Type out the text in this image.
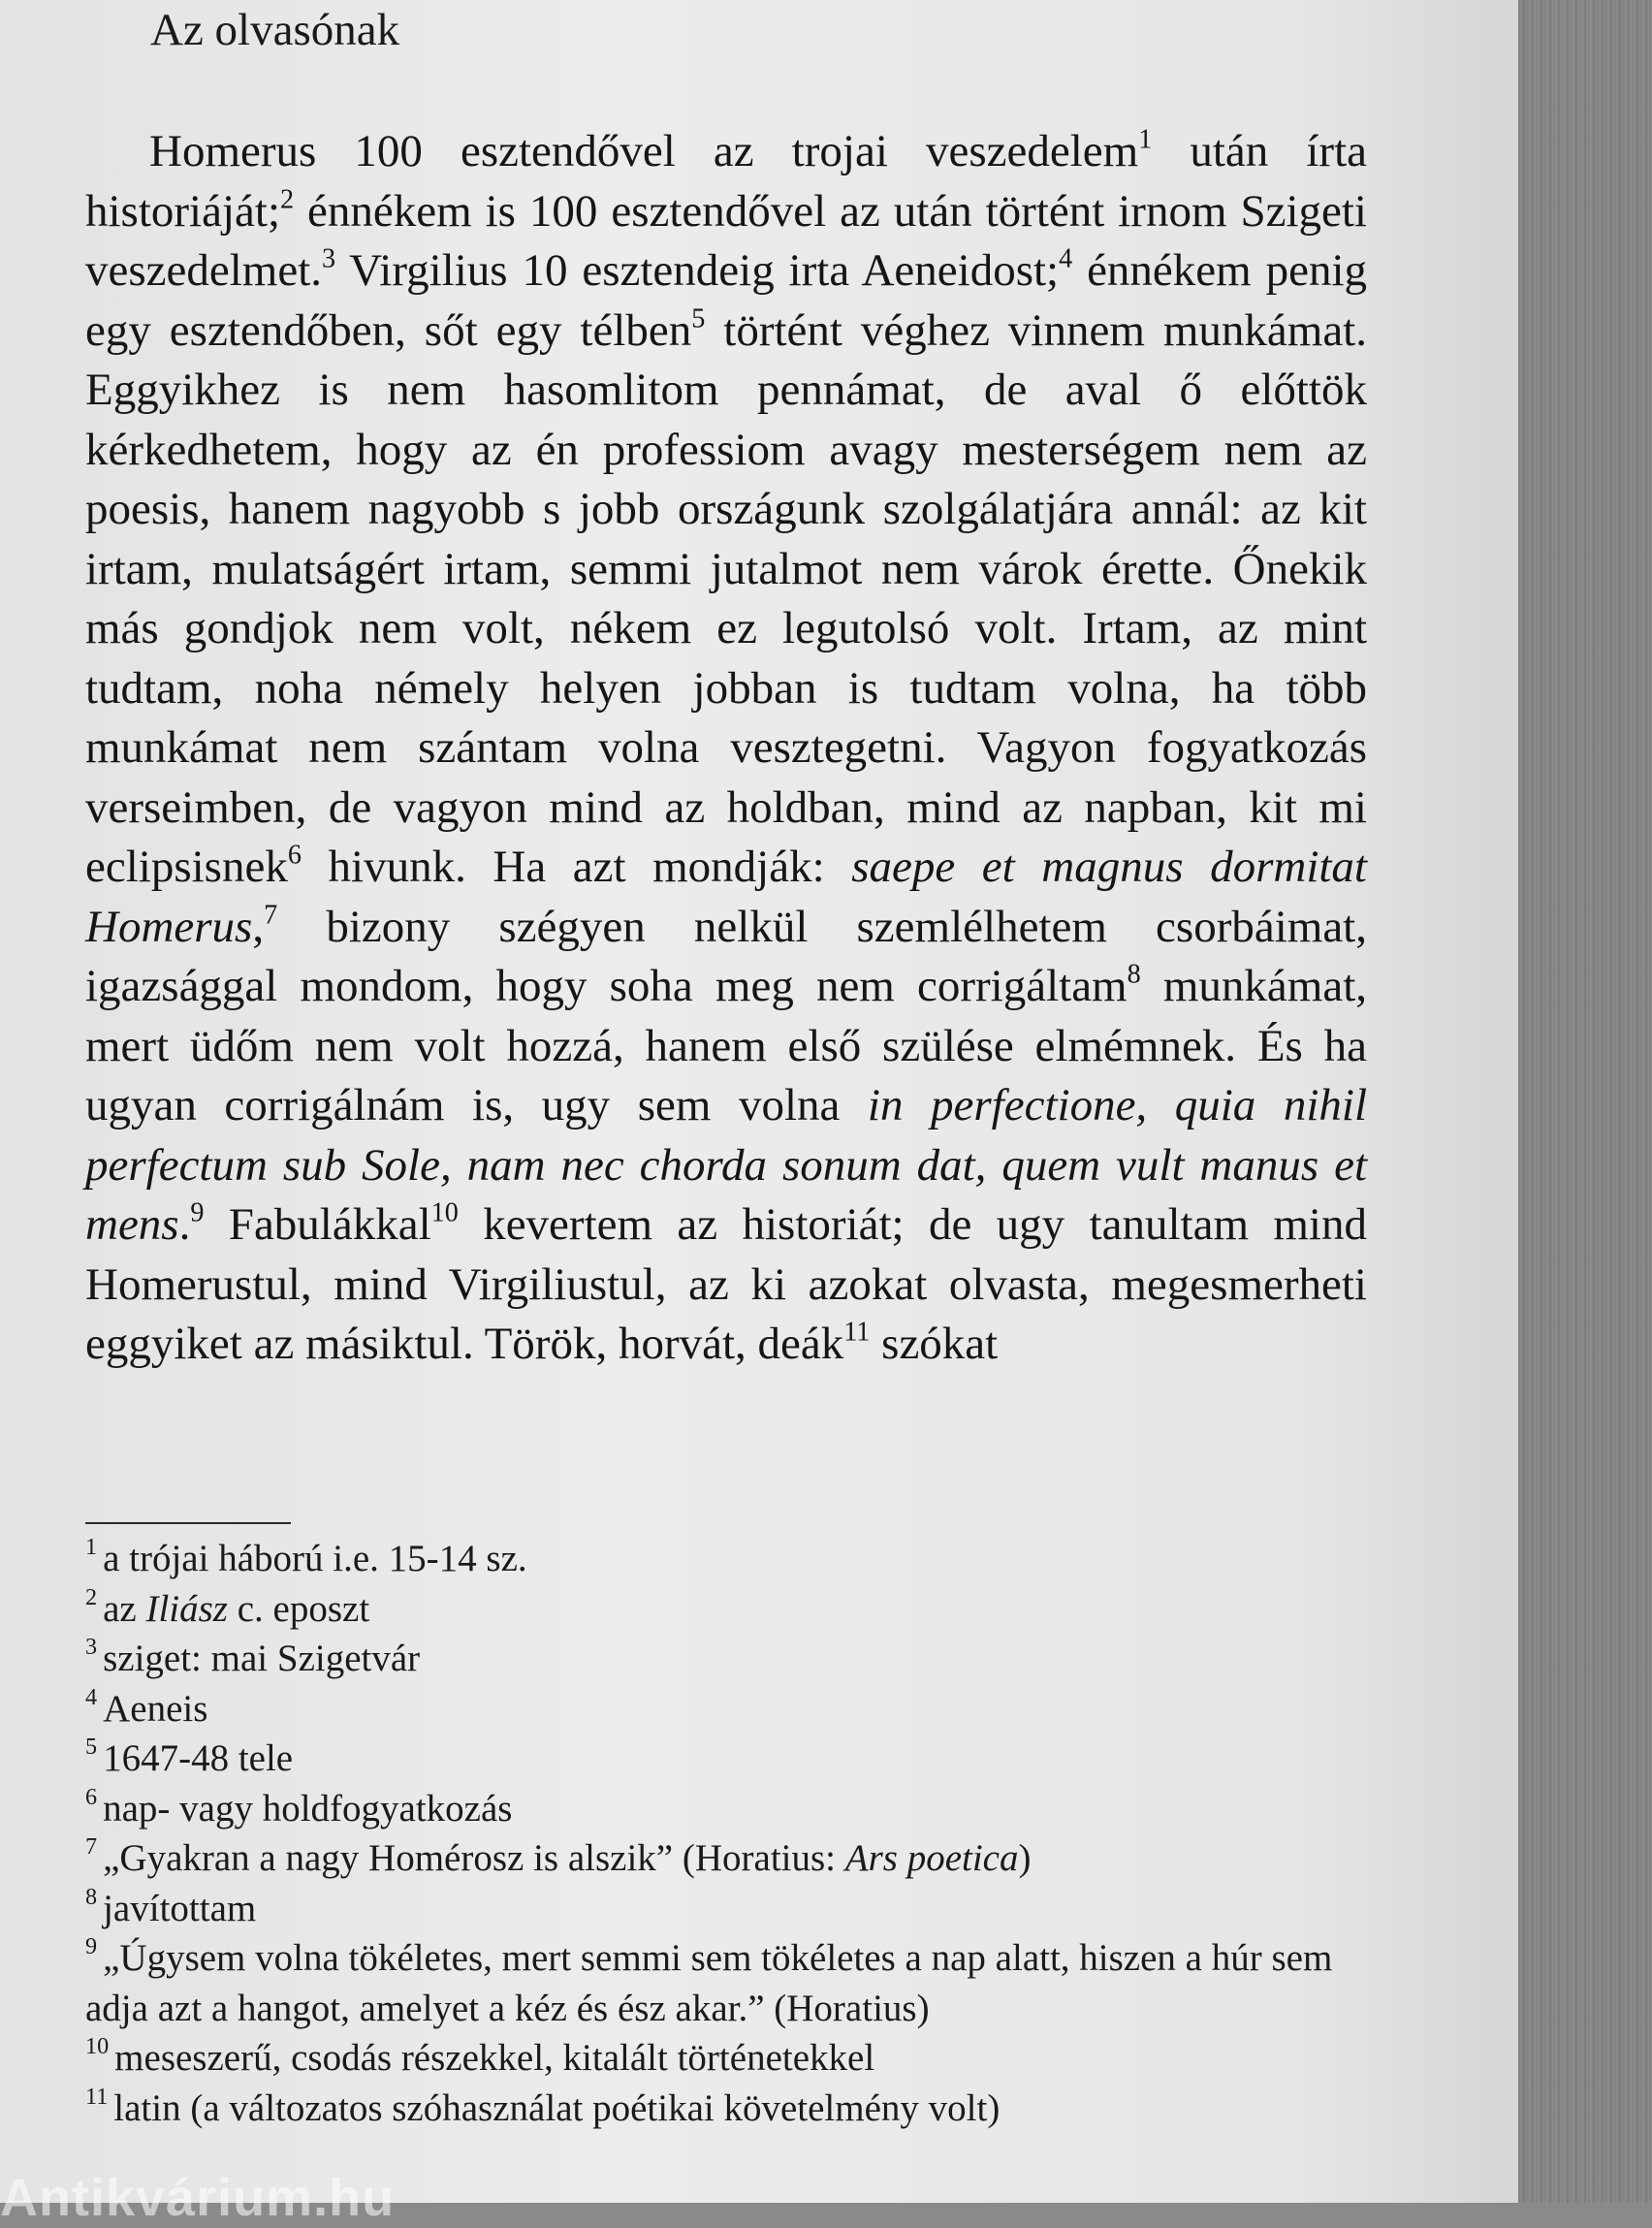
Az olvasónak

Homerus 100 esztendővel az trojai veszedelem$^1$ után írta historiáját;$^2$ énnékem is 100 esztendővel az után történt irnom Szigeti veszedelmet.$^3$ Virgilius 10 esztendeig irta Aeneidost;$^4$ énnékem penig egy esztendőben, sőt egy télben$^5$ történt véghez vinnem munkámat. Eggyikhez is nem hasomlitom pennámat, de aval ő előttök kérkedhetem, hogy az én professiom avagy mesterségem nem az poesis, hanem nagyobb s jobb országunk szolgálatjára annál: az kit irtam, mulatságért irtam, semmi jutalmot nem várok érette. Őnekik más gondjok nem volt, nékem ez legutolsó volt. Irtam, az mint tudtam, noha némely helyen jobban is tudtam volna, ha több munkámat nem szántam volna vesztegetni. Vagyon fogyatkozás verseimben, de vagyon mind az holdban, mind az napban, kit mi eclipsisnek$^6$ hivunk. Ha azt mondják: saepe et magnus dormitat Homerus,$^7$ bizony szégyen nelkül szemlélhetem csorbáimat, igazsággal mondom, hogy soha meg nem corrigáltam$^8$ munkámat, mert üdőm nem volt hozzá, hanem első szülése elmémnek. És ha ugyan corrigálnám is, ugy sem volna in perfectione, quia nihil perfectum sub Sole, nam nec chorda sonum dat, quem vult manus et mens.$^9$ Fabulákkal$^{10}$ kevertem az historiát; de ugy tanultam mind Homerustul, mind Virgiliustul, az ki azokat olvasta, megesmerheti eggyiket az másiktul. Török, horvát, deák$^{11}$ szókat

$^1$ a trójai háború i.e. 15-14 sz.

$^2$ az Iliász c. eposzt

$^3$ sziget: mai Szigetvár

$^4$ Aeneis

$^5$ 1647-48 tele

$^6$ nap- vagy holdfogyatkozás

$^7$ „Gyakran a nagy Homérosz is alszik” (Horatius: Ars poetica)

$^8$ javítottam

$^9$ „Úgysem volna tökéletes, mert semmi sem tökéletes a nap alatt, hiszen a húr sem adja azt a hangot, amelyet a kéz és ész akar.” (Horatius)

$^{10}$ meseszerű, csodás részekkel, kitalált történetekkel

$^{11}$ latin (a változatos szóhasználat poétikai követelmény volt)

Antikvárium.hu
